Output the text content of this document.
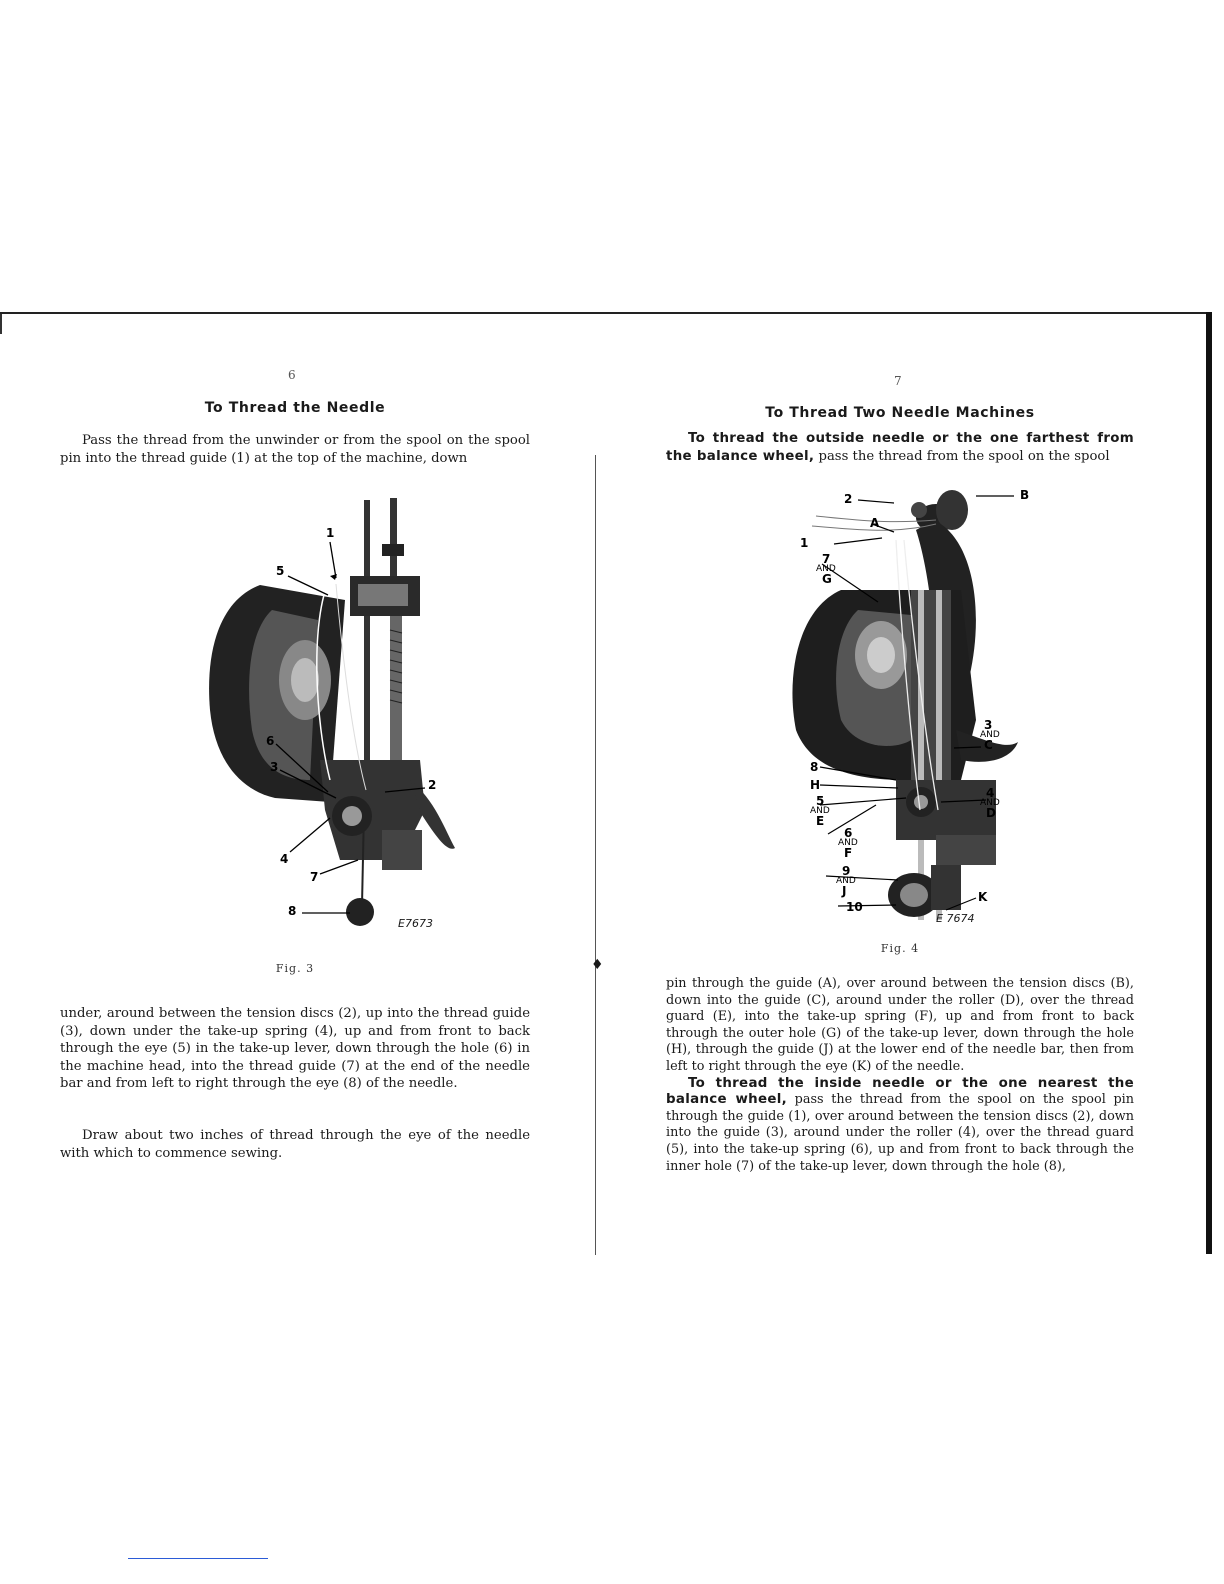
♦
6
To Thread the Needle

Pass the thread from the unwinder or from the spool on the spool pin into the thread guide (1) at the top of the machine, down

1
5
6
3
2
4
7
8
E7673
Fig. 3

under, around between the tension discs (2), up into the thread guide (3), down under the take-up spring (4), up and from front to back through the eye (5) in the take-up lever, down through the hole (6) in the machine head, into the thread guide (7) at the end of the needle bar and from left to right through the eye (8) of the needle.

Draw about two inches of thread through the eye of the needle with which to commence sewing.

7
To Thread Two Needle Machines

To thread the outside needle or the one farthest from the balance wheel, pass the thread from the spool on the spool

2	B
A
1
7
AND
G
3
AND
C
8
H
5
AND
E
4
AND
D
6
AND
F
9
AND
J
10
K
E 7674
Fig. 4

pin through the guide (A), over around between the tension discs (B), down into the guide (C), around under the roller (D), over the thread guard (E), into the take-up spring (F), up and from front to back through the outer hole (G) of the take-up lever, down through the hole (H), through the guide (J) at the lower end of the needle bar, then from left to right through the eye (K) of the needle.
To thread the inside needle or the one nearest the balance wheel, pass the thread from the spool on the spool pin through the guide (1), over around between the tension discs (2), down into the guide (3), around under the roller (4), over the thread guard (5), into the take-up spring (6), up and from front to back through the inner hole (7) of the take-up lever, down through the hole (8),
